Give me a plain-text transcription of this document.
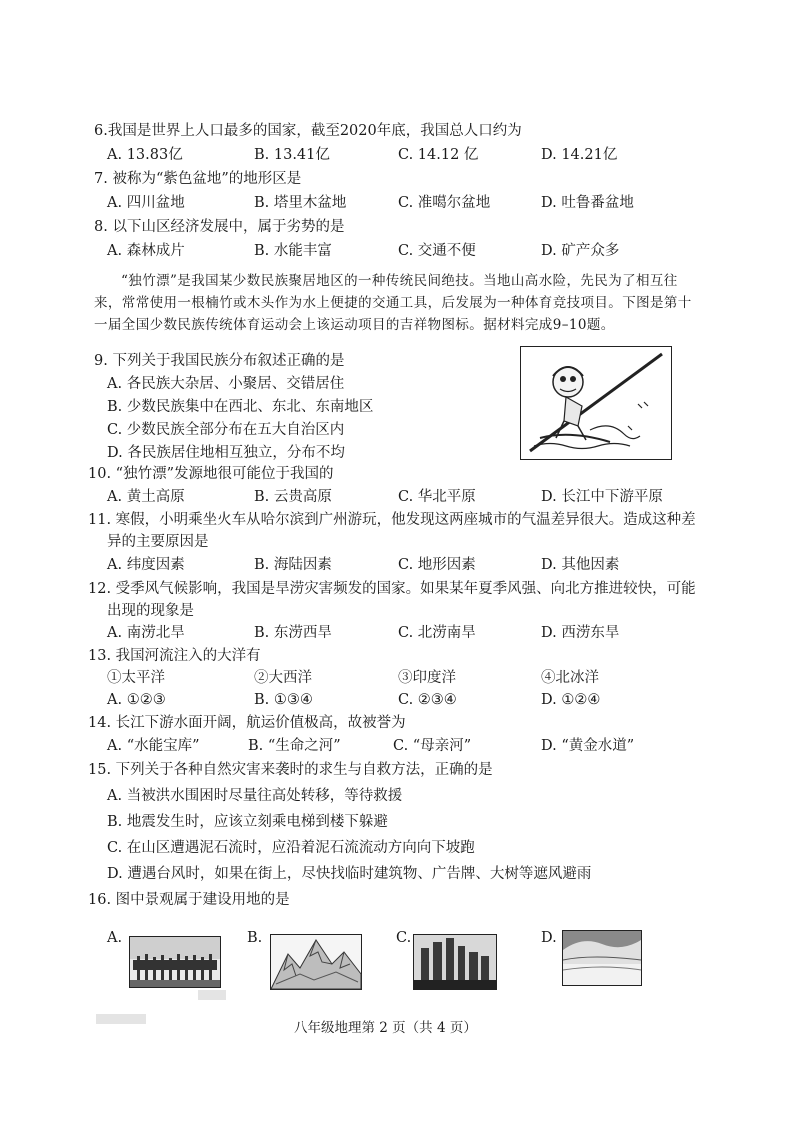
6.我国是世界上人口最多的国家，截至2020年底，我国总人口约为
A. 13.83亿	B. 13.41亿	C. 14.12 亿	D. 14.21亿
7. 被称为“紫色盆地”的地形区是
A. 四川盆地	B. 塔里木盆地	C. 准噶尔盆地	D. 吐鲁番盆地
8. 以下山区经济发展中，属于劣势的是
A. 森林成片	B. 水能丰富	C. 交通不便	D. 矿产众多
“独竹漂”是我国某少数民族聚居地区的一种传统民间绝技。当地山高水险，先民为了相互往来，常常使用一根楠竹或木头作为水上便捷的交通工具，后发展为一种体育竞技项目。下图是第十一届全国少数民族传统体育运动会上该运动项目的吉祥物图标。据材料完成9–10题。
9. 下列关于我国民族分布叙述正确的是
A. 各民族大杂居、小聚居、交错居住
B. 少数民族集中在西北、东北、东南地区
C. 少数民族全部分布在五大自治区内
D. 各民族居住地相互独立，分布不均
10. “独竹漂”发源地很可能位于我国的
A. 黄土高原	B. 云贵高原	C. 华北平原	D. 长江中下游平原
11. 寒假，小明乘坐火车从哈尔滨到广州游玩，他发现这两座城市的气温差异很大。造成这种差
异的主要原因是
A. 纬度因素	B. 海陆因素	C. 地形因素	D. 其他因素
12. 受季风气候影响，我国是旱涝灾害频发的国家。如果某年夏季风强、向北方推进较快，可能
出现的现象是
A. 南涝北旱	B. 东涝西旱	C. 北涝南旱	D. 西涝东旱
13. 我国河流注入的大洋有
①太平洋	②大西洋	③印度洋	④北冰洋
A. ①②③	B. ①③④	C. ②③④	D. ①②④
14. 长江下游水面开阔，航运价值极高，故被誉为
A. “水能宝库”	B. “生命之河”	C. “母亲河”	D. “黄金水道”
15. 下列关于各种自然灾害来袭时的求生与自救方法，正确的是
A. 当被洪水围困时尽量往高处转移，等待救援
B. 地震发生时，应该立刻乘电梯到楼下躲避
C. 在山区遭遇泥石流时，应沿着泥石流流动方向向下坡跑
D. 遭遇台风时，如果在街上，尽快找临时建筑物、广告牌、大树等遮风避雨
16. 图中景观属于建设用地的是
A.	B.	C.	D.
八年级地理第 2 页（共 4 页）
